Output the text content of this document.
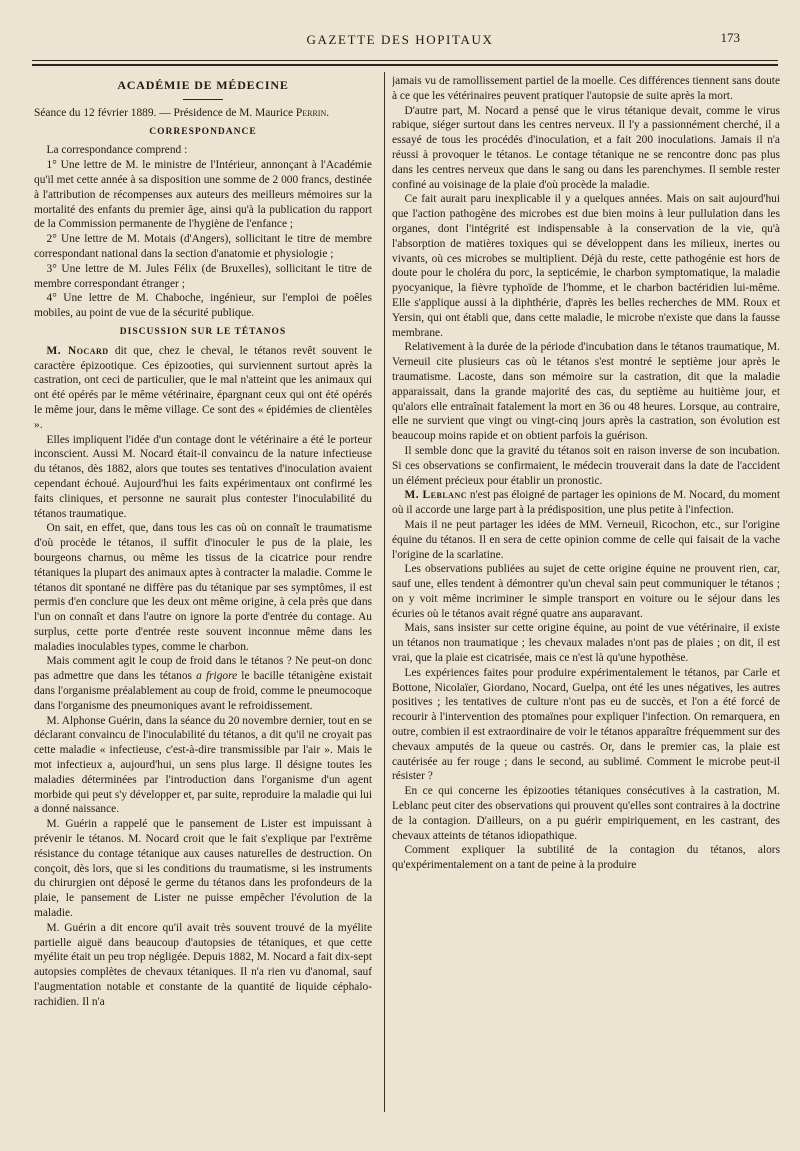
GAZETTE DES HOPITAUX	173
ACADÉMIE DE MÉDECINE

Séance du 12 février 1889. — Présidence de M. Maurice Perrin.

CORRESPONDANCE

La correspondance comprend :

1° Une lettre de M. le ministre de l'Intérieur, annonçant à l'Académie qu'il met cette année à sa disposition une somme de 2 000 francs, destinée à l'attribution de récompenses aux auteurs des meilleurs mémoires sur la mortalité des enfants du premier âge, ainsi qu'à la publication du rapport de la Commission permanente de l'hygiène de l'enfance ;

2° Une lettre de M. Motais (d'Angers), sollicitant le titre de membre correspondant national dans la section d'anatomie et physiologie ;

3° Une lettre de M. Jules Félix (de Bruxelles), sollicitant le titre de membre correspondant étranger ;

4° Une lettre de M. Chaboche, ingénieur, sur l'emploi de poêles mobiles, au point de vue de la sécurité publique.

DISCUSSION SUR LE TÉTANOS

M. Nocard dit que, chez le cheval, le tétanos revêt souvent le caractère épizootique. Ces épizooties, qui surviennent surtout après la castration, ont ceci de particulier, que le mal n'atteint que les animaux qui ont été opérés par le même vétérinaire, épargnant ceux qui ont été opérés le même jour, dans le même village. Ce sont des « épidémies de clientèles ».

Elles impliquent l'idée d'un contage dont le vétérinaire a été le porteur inconscient. Aussi M. Nocard était-il convaincu de la nature infectieuse du tétanos, dès 1882, alors que toutes ses tentatives d'inoculation avaient cependant échoué. Aujourd'hui les faits expérimentaux ont confirmé les faits cliniques, et personne ne saurait plus contester l'inoculabilité du tétanos traumatique.

On sait, en effet, que, dans tous les cas où on connaît le traumatisme d'où procède le tétanos, il suffit d'inoculer le pus de la plaie, les bourgeons charnus, ou même les tissus de la cicatrice pour rendre tétaniques la plupart des animaux aptes à contracter la maladie. Comme le tétanos dit spontané ne diffère pas du tétanique par ses symptômes, il est permis d'en conclure que les deux ont même origine, à cela près que dans l'un on connaît et dans l'autre on ignore la porte d'entrée du contage. Au surplus, cette porte d'entrée reste souvent inconnue même dans les maladies inoculables types, comme le charbon.

Mais comment agit le coup de froid dans le tétanos ? Ne peut-on donc pas admettre que dans les tétanos a frigore le bacille tétanigène existait dans l'organisme préalablement au coup de froid, comme le pneumocoque dans l'organisme des pneumoniques avant le refroidissement.

M. Alphonse Guérin, dans la séance du 20 novembre dernier, tout en se déclarant convaincu de l'inoculabilité du tétanos, a dit qu'il ne croyait pas cette maladie « infectieuse, c'est-à-dire transmissible par l'air ». Mais le mot infectieux a, aujourd'hui, un sens plus large. Il désigne toutes les maladies déterminées par l'introduction dans l'organisme d'un agent morbide qui peut s'y développer et, par suite, reproduire la maladie qui lui a donné naissance.

M. Guérin a rappelé que le pansement de Lister est impuissant à prévenir le tétanos. M. Nocard croit que le fait s'explique par l'extrême résistance du contage tétanique aux causes naturelles de destruction. On conçoit, dès lors, que si les conditions du traumatisme, si les instruments du chirurgien ont déposé le germe du tétanos dans les profondeurs de la plaie, le pansement de Lister ne puisse empêcher l'évolution de la maladie.

M. Guérin a dit encore qu'il avait très souvent trouvé de la myélite partielle aiguë dans beaucoup d'autopsies de tétaniques, et que cette myélite était un peu trop négligée. Depuis 1882, M. Nocard a fait dix-sept autopsies complètes de chevaux tétaniques. Il n'a rien vu d'anomal, sauf l'augmentation notable et constante de la quantité de liquide céphalo-rachidien. Il n'a

jamais vu de ramollissement partiel de la moelle. Ces différences tiennent sans doute à ce que les vétérinaires peuvent pratiquer l'autopsie de suite après la mort.

D'autre part, M. Nocard a pensé que le virus tétanique devait, comme le virus rabique, siéger surtout dans les centres nerveux. Il l'y a passionnément cherché, il a essayé de tous les procédés d'inoculation, et a fait 200 inoculations. Jamais il n'a réussi à provoquer le tétanos. Le contage tétanique ne se rencontre donc pas plus dans les centres nerveux que dans le sang ou dans les parenchymes. Il semble rester confiné au voisinage de la plaie d'où procède la maladie.

Ce fait aurait paru inexplicable il y a quelques années. Mais on sait aujourd'hui que l'action pathogène des microbes est due bien moins à leur pullulation dans les organes, dont l'intégrité est indispensable à la conservation de la vie, qu'à l'absorption de matières toxiques qui se développent dans les milieux, inertes ou vivants, où ces microbes se multiplient. Déjà du reste, cette pathogénie est hors de doute pour le choléra du porc, la septicémie, le charbon symptomatique, la maladie pyocyanique, la fièvre typhoïde de l'homme, et le charbon bactéridien lui-même. Elle s'applique aussi à la diphthérie, d'après les belles recherches de MM. Roux et Yersin, qui ont établi que, dans cette maladie, le microbe n'existe que dans la fausse membrane.

Relativement à la durée de la période d'incubation dans le tétanos traumatique, M. Verneuil cite plusieurs cas où le tétanos s'est montré le septième jour après le traumatisme. Lacoste, dans son mémoire sur la castration, dit que la maladie apparaissait, dans la grande majorité des cas, du septième au huitième jour, et qu'alors elle entraînait fatalement la mort en 36 ou 48 heures. Lorsque, au contraire, elle ne survient que vingt ou vingt-cinq jours après la castration, son évolution est beaucoup moins rapide et on obtient parfois la guérison.

Il semble donc que la gravité du tétanos soit en raison inverse de son incubation. Si ces observations se confirmaient, le médecin trouverait dans la date de l'accident un élément précieux pour établir un pronostic.

M. Leblanc n'est pas éloigné de partager les opinions de M. Nocard, du moment où il accorde une large part à la prédisposition, une plus petite à l'infection.

Mais il ne peut partager les idées de MM. Verneuil, Ricochon, etc., sur l'origine équine du tétanos. Il en sera de cette opinion comme de celle qui faisait de la vache l'origine de la scarlatine.

Les observations publiées au sujet de cette origine équine ne prouvent rien, car, sauf une, elles tendent à démontrer qu'un cheval sain peut communiquer le tétanos ; on y voit même incriminer le simple transport en voiture ou le séjour dans les écuries où le tétanos avait régné quatre ans auparavant.

Mais, sans insister sur cette origine équine, au point de vue vétérinaire, il existe un tétanos non traumatique ; les chevaux malades n'ont pas de plaies ; on dit, il est vrai, que la plaie est cicatrisée, mais ce n'est là qu'une hypothèse.

Les expériences faites pour produire expérimentalement le tétanos, par Carle et Bottone, Nicolaïer, Giordano, Nocard, Guelpa, ont été les unes négatives, les autres positives ; les tentatives de culture n'ont pas eu de succès, et l'on a été forcé de recourir à l'intervention des ptomaïnes pour expliquer l'infection. On remarquera, en outre, combien il est extraordinaire de voir le tétanos apparaître fréquemment sur des chevaux amputés de la queue ou castrés. Or, dans le premier cas, la plaie est cautérisée au fer rouge ; dans le second, au sublimé. Comment le microbe peut-il résister ?

En ce qui concerne les épizooties tétaniques consécutives à la castration, M. Leblanc peut citer des observations qui prouvent qu'elles sont contraires à la doctrine de la contagion. D'ailleurs, on a pu guérir empiriquement, en les castrant, des chevaux atteints de tétanos idiopathique.

Comment expliquer la subtilité de la contagion du tétanos, alors qu'expérimentalement on a tant de peine à la produire
